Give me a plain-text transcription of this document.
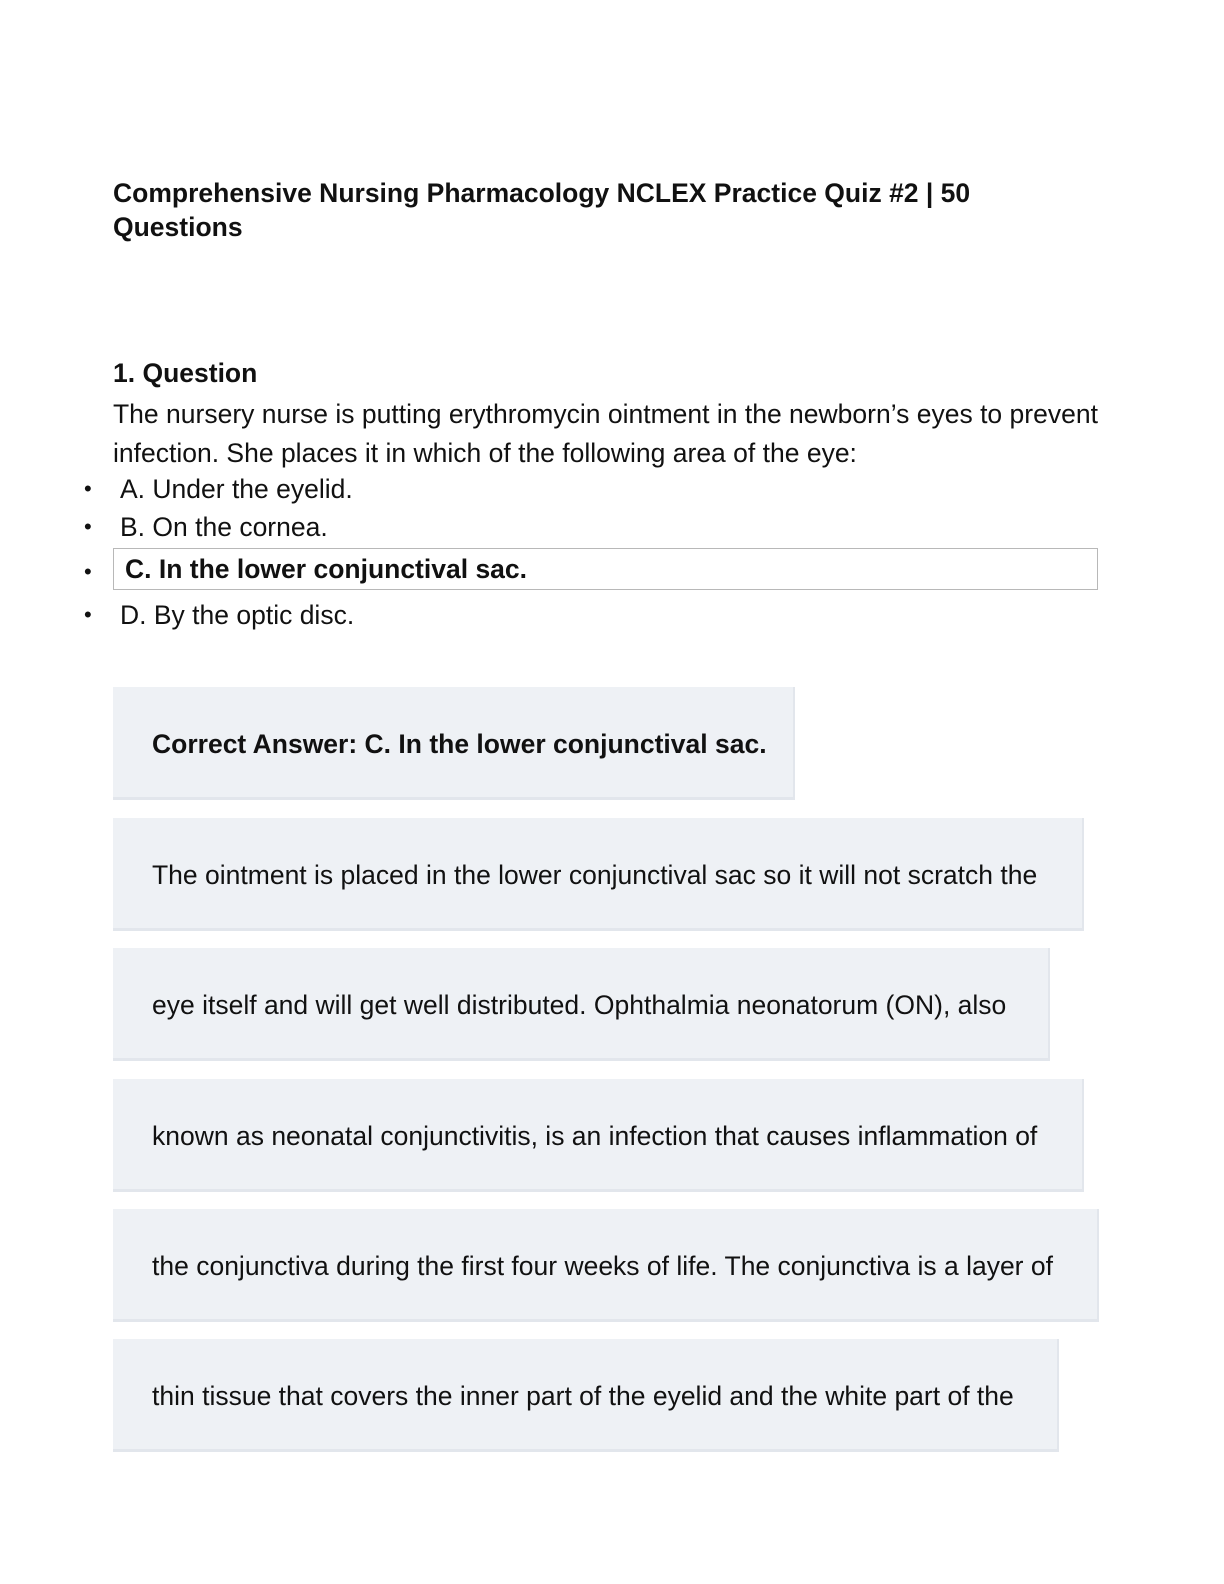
Comprehensive Nursing Pharmacology NCLEX Practice Quiz #2 | 50 Questions
1. Question

The nursery nurse is putting erythromycin ointment in the newborn’s eyes to prevent infection. She places it in which of the following area of the eye:

• A. Under the eyelid.
• B. On the cornea.
• C. In the lower conjunctival sac.
• D. By the optic disc.
Correct Answer: C. In the lower conjunctival sac.
The ointment is placed in the lower conjunctival sac so it will not scratch the
eye itself and will get well distributed. Ophthalmia neonatorum (ON), also
known as neonatal conjunctivitis, is an infection that causes inflammation of
the conjunctiva during the first four weeks of life. The conjunctiva is a layer of
thin tissue that covers the inner part of the eyelid and the white part of the
